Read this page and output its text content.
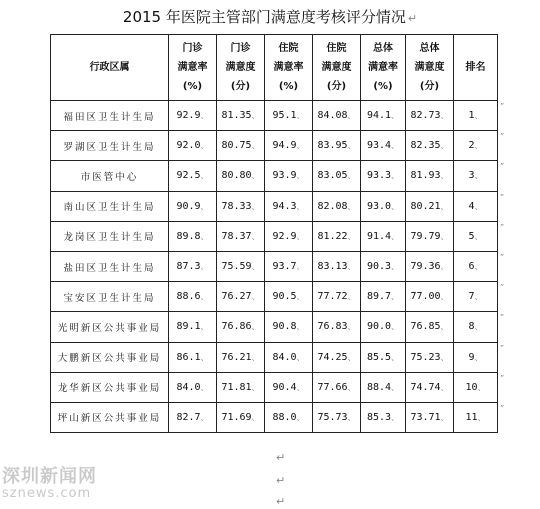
2015 年医院主管部门满意度考核评分情况 ↵
行政区属	门诊
满意率
(%)	门诊
满意度
(分)	住院
满意率
(%)	住院
满意度
(分)	总体
满意率
(%)	总体
满意度
(分)	排名

福田区卫生计生局	92.9、	81.35、	95.1、	84.08、	94.1、	82.73、	1、
罗湖区卫生计生局	92.0、	80.75、	94.9、	83.95、	93.4、	82.35、	2、
市医管中心	92.5、	80.80、	93.9、	83.05、	93.3、	81.93、	3、
南山区卫生计生局	90.9、	78.33、	94.3、	82.08、	93.0、	80.21、	4、
龙岗区卫生计生局	89.8、	78.37、	92.9、	81.22、	91.4、	79.79、	5、
盐田区卫生计生局	87.3、	75.59、	93.7、	83.13、	90.3、	79.36、	6、
宝安区卫生计生局	88.6、	76.27、	90.5、	77.72、	89.7、	77.00、	7、
光明新区公共事业局	89.1、	76.86、	90.8、	76.83、	90.0、	76.85、	8、
大鹏新区公共事业局	86.1、	76.21、	84.0、	74.25、	85.5、	75.23、	9、
龙华新区公共事业局	84.0、	71.81、	90.4、	77.66、	88.4、	74.74、	10、
坪山新区公共事业局	82.7、	71.69、	88.0、	75.73、	85.3、	73.71、	11、
”
”
”
”
”
”
”
”
”
”
”
↵
↵
↵
深圳新闻网
sznews.com
